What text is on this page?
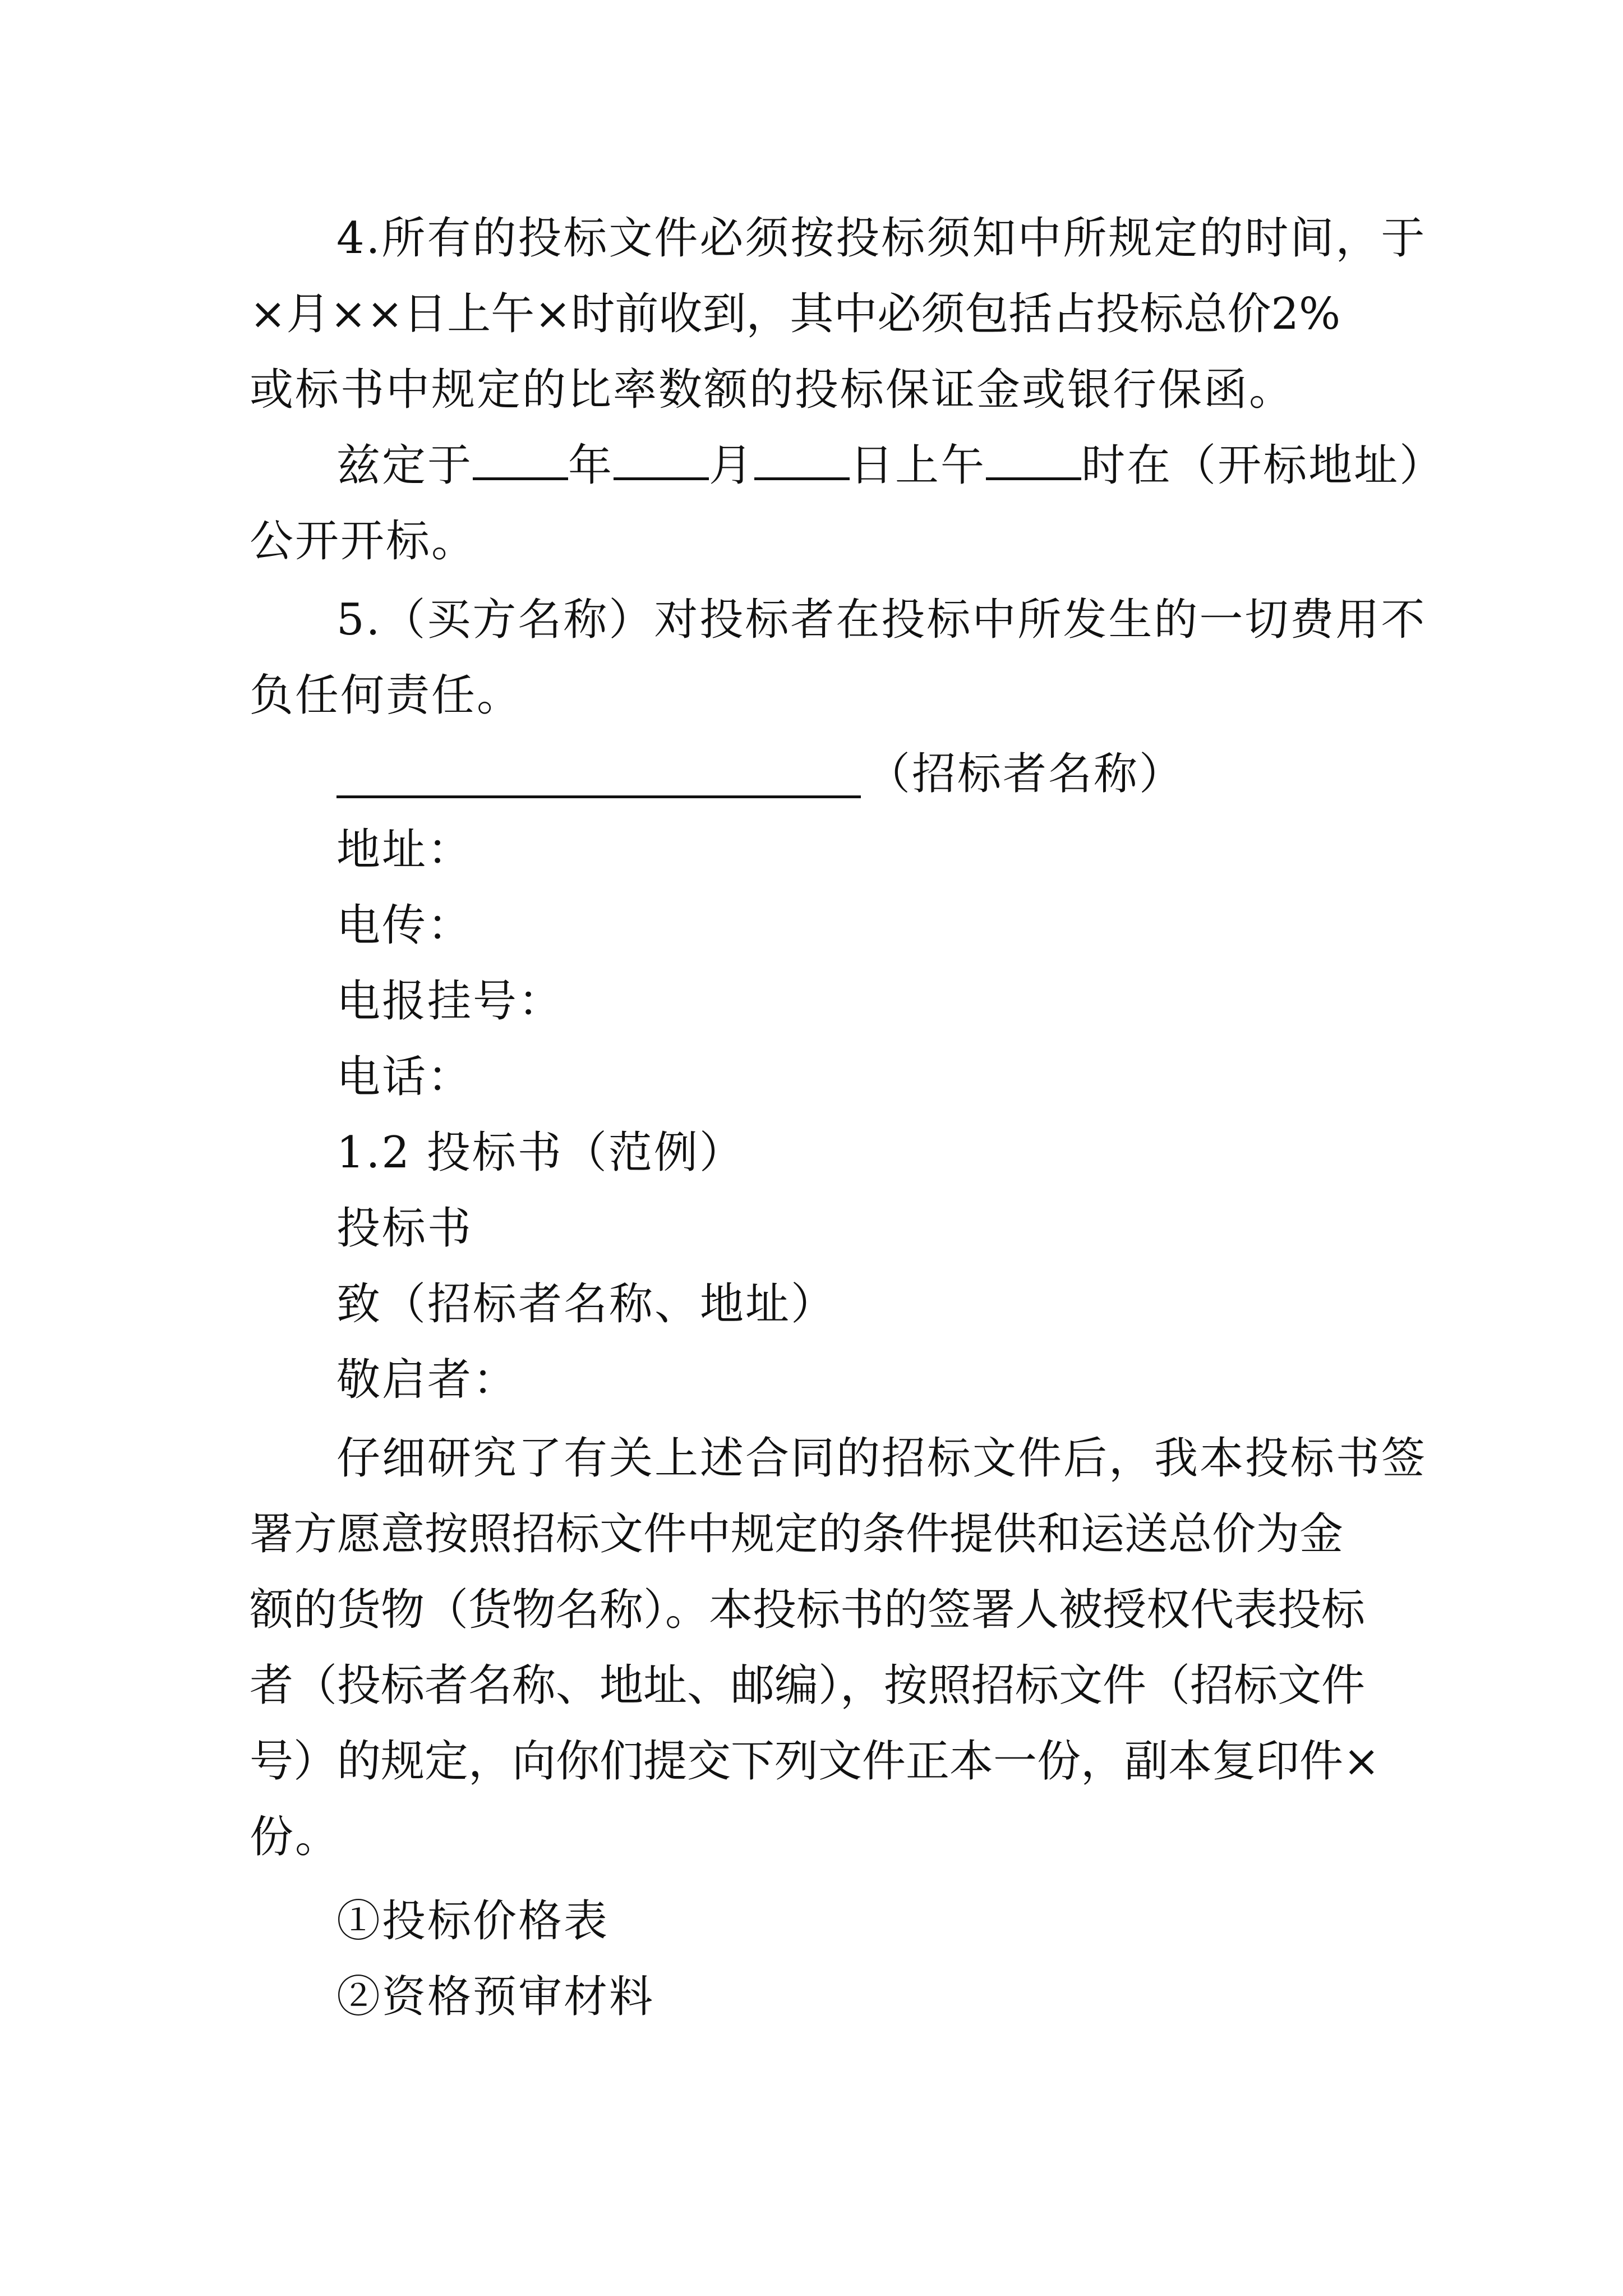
4.所有的投标文件必须按投标须知中所规定的时间，于
×月××日上午×时前收到，其中必须包括占投标总价2%
或标书中规定的比率数额的投标保证金或银行保函。
兹定于 年 月 日上午 时在（开标地址）
公开开标。
5.（买方名称）对投标者在投标中所发生的一切费用不
负任何责任。
（招标者名称）
地址：
电传：
电报挂号：
电话：
1.2 投标书（范例）
投标书
致（招标者名称、地址）
敬启者：
仔细研究了有关上述合同的招标文件后，我本投标书签
署方愿意按照招标文件中规定的条件提供和运送总价为金
额的货物（货物名称）。本投标书的签署人被授权代表投标
者（投标者名称、地址、邮编），按照招标文件（招标文件
号）的规定，向你们提交下列文件正本一份，副本复印件×
份。
①投标价格表
②资格预审材料
